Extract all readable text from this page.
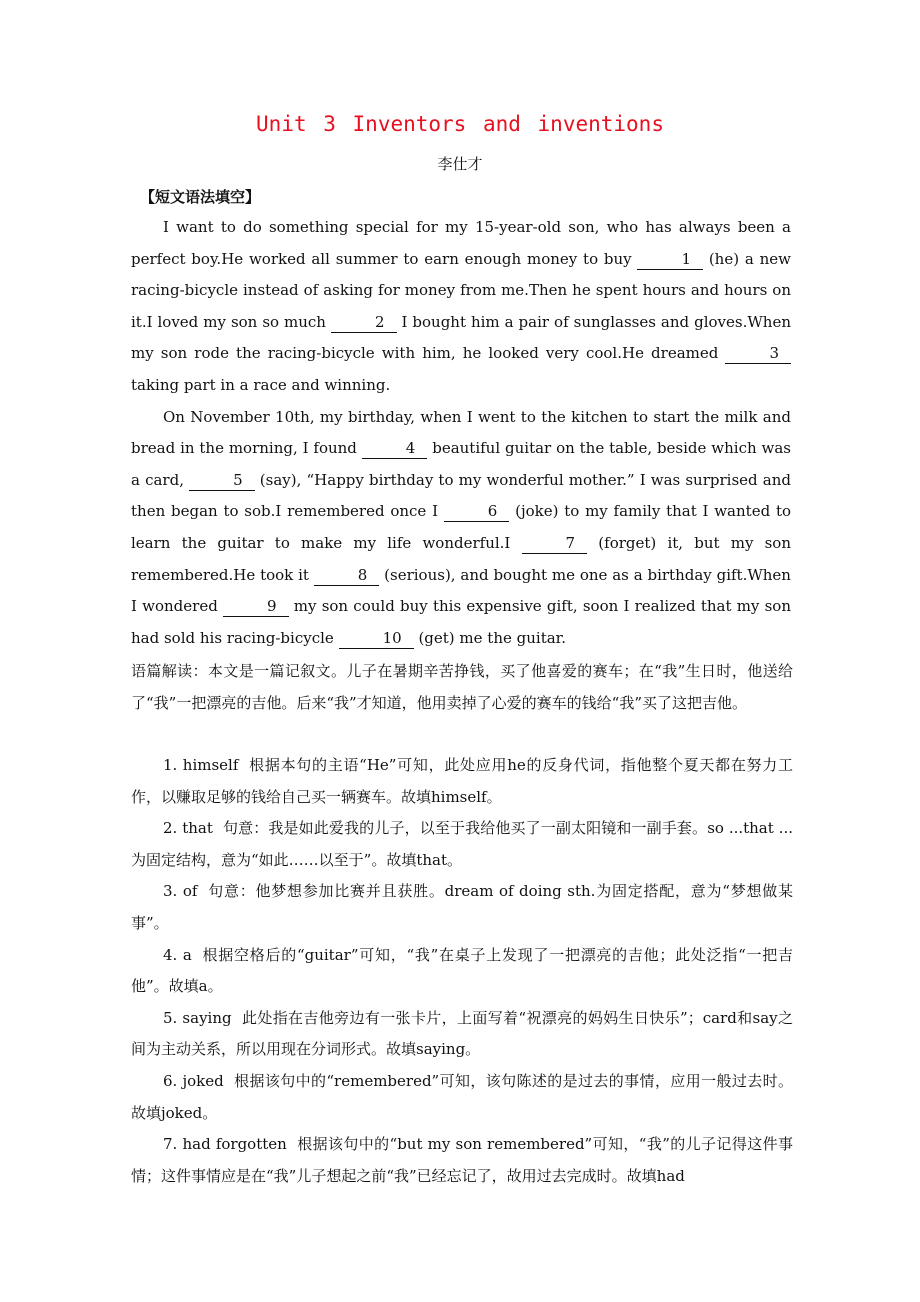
Unit 3 Inventors and inventions
李仕才
【短文语法填空】

I want to do something special for my 15-year-old son, who has always been a perfect boy.He worked all summer to earn enough money to buy	1 (he) a new racing-bicycle instead of asking for money from me.Then he spent hours and hours on it.I loved my son so much	2 I bought him a pair of sunglasses and gloves.When my son rode the racing-bicycle with him, he looked very cool.He dreamed	3 taking part in a race and winning.

On November 10th, my birthday, when I went to the kitchen to start the milk and bread in the morning, I found	4 beautiful guitar on the table, beside which was a card,	5 (say), “Happy birthday to my wonderful mother.” I was surprised and then began to sob.I remembered once I	6 (joke) to my family that I wanted to learn the guitar to make my life wonderful.I	7 (forget) it, but my son remembered.He took it	8 (serious), and bought me one as a birthday gift.When I wondered	9 my son could buy this expensive gift, soon I realized that my son had sold his racing-bicycle	10 (get) me the guitar.

语篇解读：本文是一篇记叙文。儿子在暑期辛苦挣钱，买了他喜爱的赛车；在“我”生日时，他送给了“我”一把漂亮的吉他。后来“我”才知道，他用卖掉了心爱的赛车的钱给“我”买了这把吉他。

1. himself 根据本句的主语“He”可知，此处应用he的反身代词，指他整个夏天都在努力工作，以赚取足够的钱给自己买一辆赛车。故填himself。

2. that 句意：我是如此爱我的儿子，以至于我给他买了一副太阳镜和一副手套。so ...that ...为固定结构，意为“如此……以至于”。故填that。

3. of 句意：他梦想参加比赛并且获胜。dream of doing sth.为固定搭配，意为“梦想做某事”。

4. a 根据空格后的“guitar”可知，“我”在桌子上发现了一把漂亮的吉他；此处泛指“一把吉他”。故填a。

5. saying 此处指在吉他旁边有一张卡片，上面写着“祝漂亮的妈妈生日快乐”；card和say之间为主动关系，所以用现在分词形式。故填saying。

6. joked 根据该句中的“remembered”可知，该句陈述的是过去的事情，应用一般过去时。故填joked。

7. had forgotten 根据该句中的“but my son remembered”可知，“我”的儿子记得这件事情；这件事情应是在“我”儿子想起之前“我”已经忘记了，故用过去完成时。故填had
